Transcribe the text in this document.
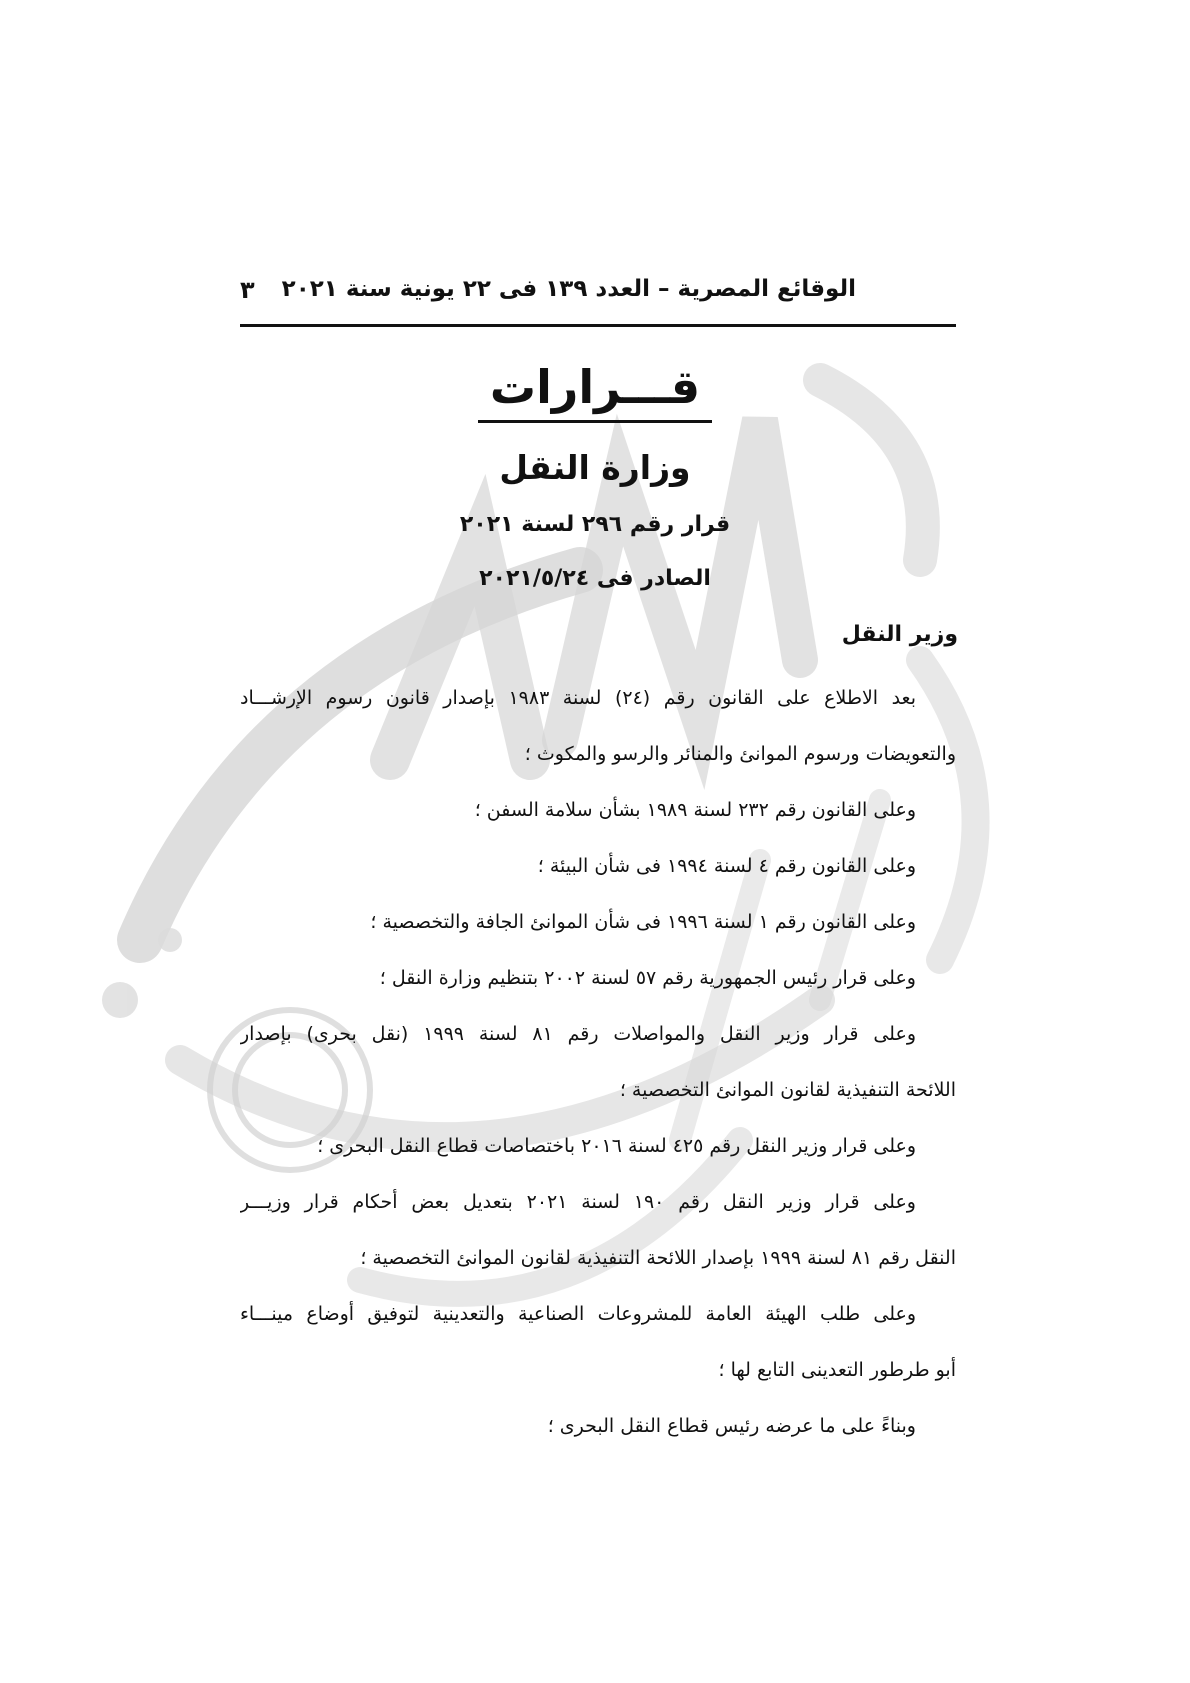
الوقائع المصرية – العدد ١٣٩ فى ٢٢ يونية سنة ٢٠٢١
٣
قـــرارات
وزارة النقل
قرار رقم ٢٩٦ لسنة ٢٠٢١
الصادر فى ٢٠٢١/٥/٢٤
وزير النقل
بعد الاطلاع على القانون رقم (٢٤) لسنة ١٩٨٣ بإصدار قانون رسوم الإرشـــاد
والتعويضات ورسوم الموانئ والمنائر والرسو والمكوث ؛
وعلى القانون رقم ٢٣٢ لسنة ١٩٨٩ بشأن سلامة السفن ؛
وعلى القانون رقم ٤ لسنة ١٩٩٤ فى شأن البيئة ؛
وعلى القانون رقم ١ لسنة ١٩٩٦ فى شأن الموانئ الجافة والتخصصية ؛
وعلى قرار رئيس الجمهورية رقم ٥٧ لسنة ٢٠٠٢ بتنظيم وزارة النقل ؛
وعلى قرار وزير النقل والمواصلات رقم ٨١ لسنة ١٩٩٩ (نقل بحرى) بإصدار
اللائحة التنفيذية لقانون الموانئ التخصصية ؛
وعلى قرار وزير النقل رقم ٤٢٥ لسنة ٢٠١٦ باختصاصات قطاع النقل البحرى ؛
وعلى قرار وزير النقل رقم ١٩٠ لسنة ٢٠٢١ بتعديل بعض أحكام قرار وزيـــر
النقل رقم ٨١ لسنة ١٩٩٩ بإصدار اللائحة التنفيذية لقانون الموانئ التخصصية ؛
وعلى طلب الهيئة العامة للمشروعات الصناعية والتعدينية لتوفيق أوضاع مينـــاء
أبو طرطور التعدينى التابع لها ؛
وبناءً على ما عرضه رئيس قطاع النقل البحرى ؛
